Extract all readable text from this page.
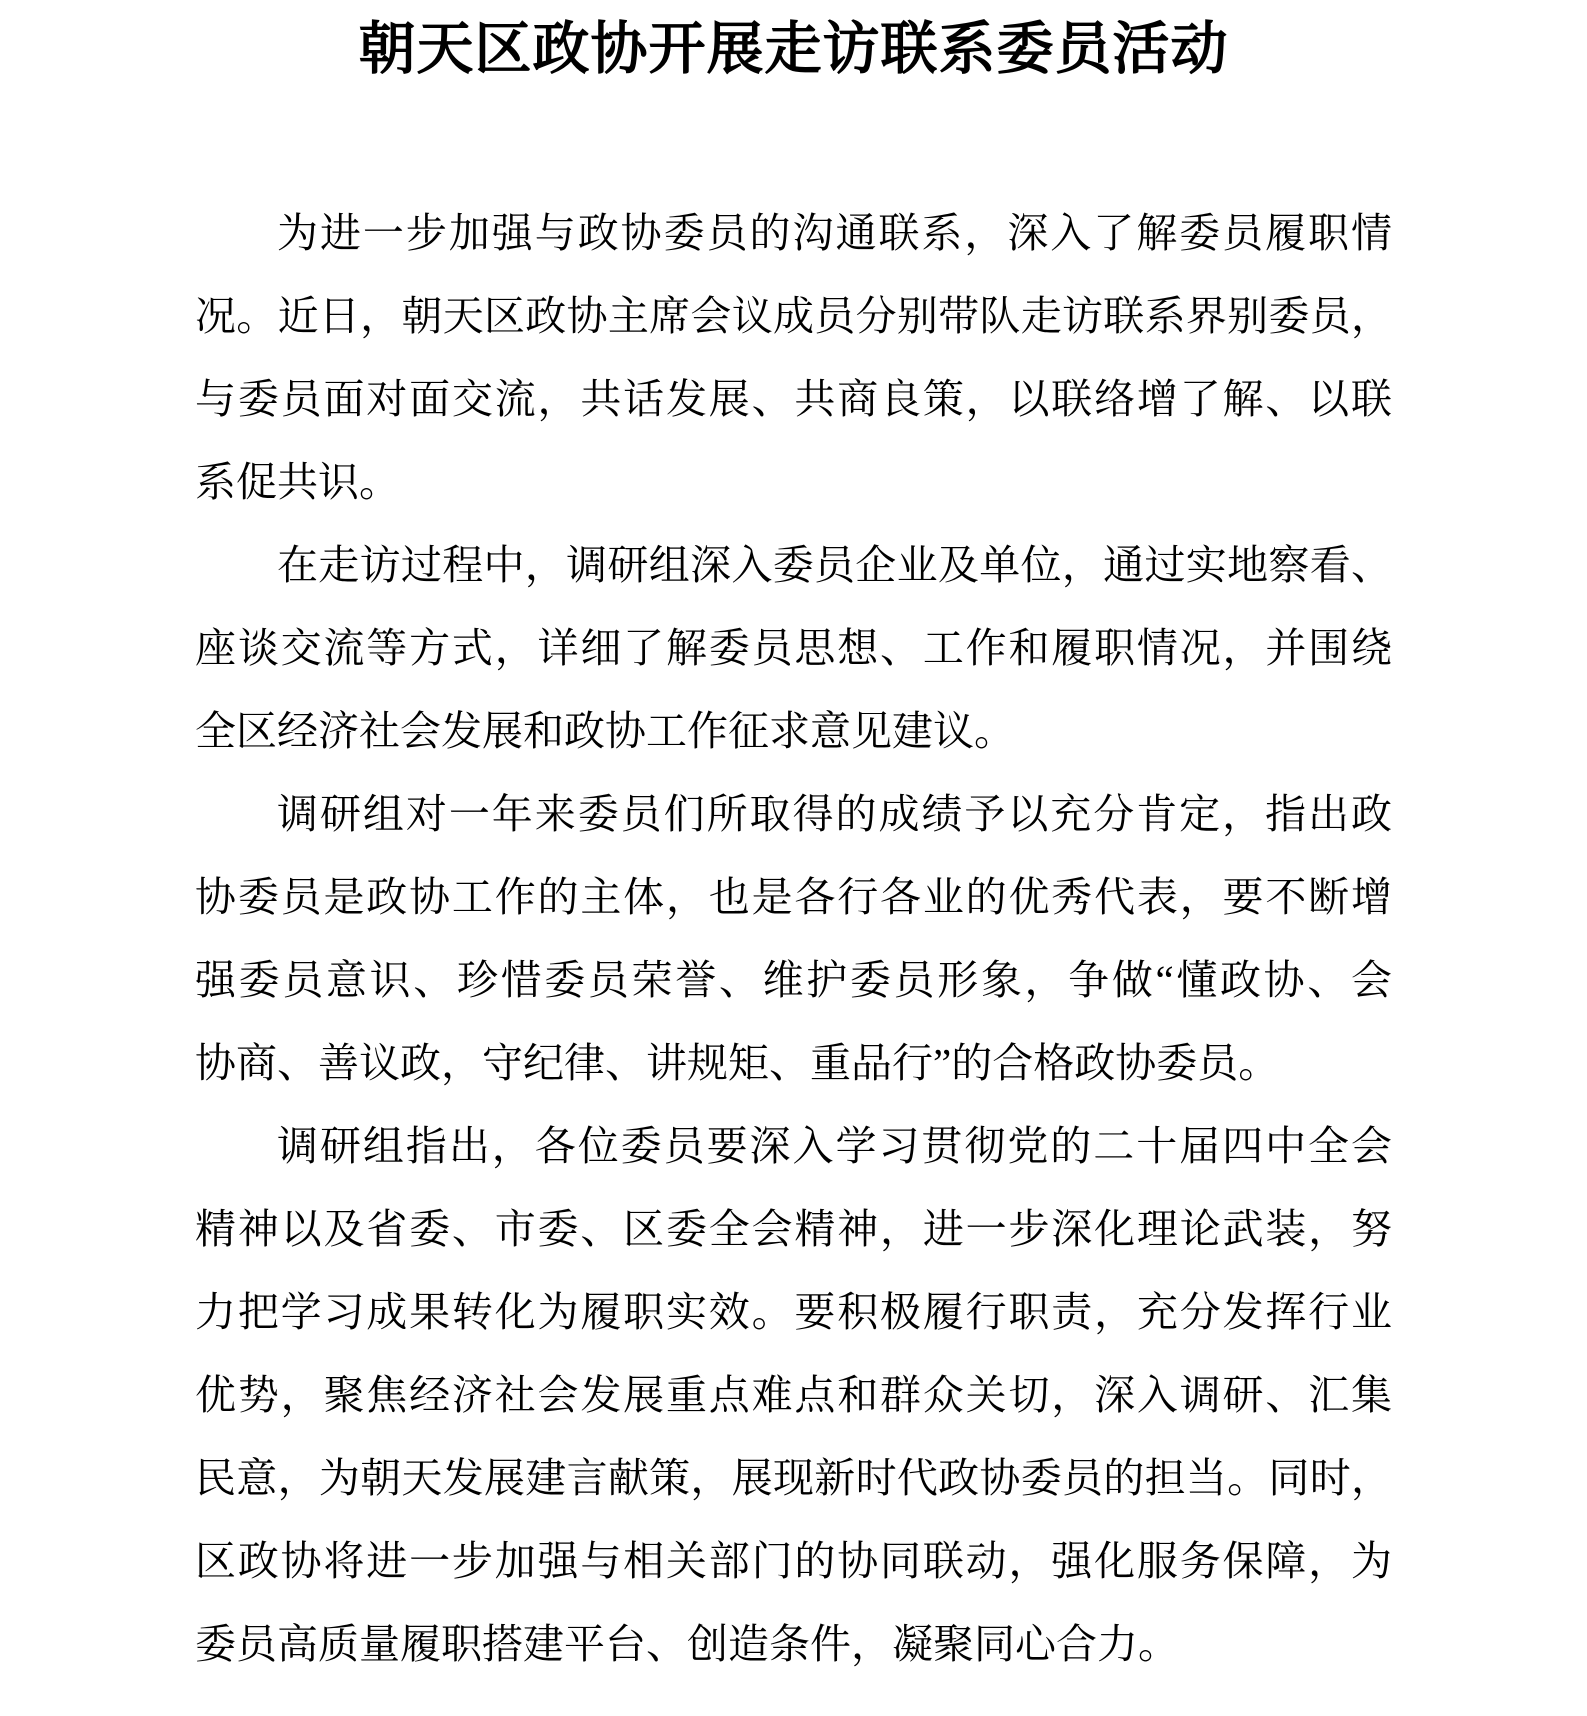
朝天区政协开展走访联系委员活动
为进一步加强与政协委员的沟通联系，深入了解委员履职情
况。近日，朝天区政协主席会议成员分别带队走访联系界别委员，
与委员面对面交流，共话发展、共商良策，以联络增了解、以联
系促共识。
在走访过程中，调研组深入委员企业及单位，通过实地察看、
座谈交流等方式，详细了解委员思想、工作和履职情况，并围绕
全区经济社会发展和政协工作征求意见建议。
调研组对一年来委员们所取得的成绩予以充分肯定，指出政
协委员是政协工作的主体，也是各行各业的优秀代表，要不断增
强委员意识、珍惜委员荣誉、维护委员形象，争做“懂政协、会
协商、善议政，守纪律、讲规矩、重品行”的合格政协委员。
调研组指出，各位委员要深入学习贯彻党的二十届四中全会
精神以及省委、市委、区委全会精神，进一步深化理论武装，努
力把学习成果转化为履职实效。要积极履行职责，充分发挥行业
优势，聚焦经济社会发展重点难点和群众关切，深入调研、汇集
民意，为朝天发展建言献策，展现新时代政协委员的担当。同时，
区政协将进一步加强与相关部门的协同联动，强化服务保障，为
委员高质量履职搭建平台、创造条件，凝聚同心合力。
